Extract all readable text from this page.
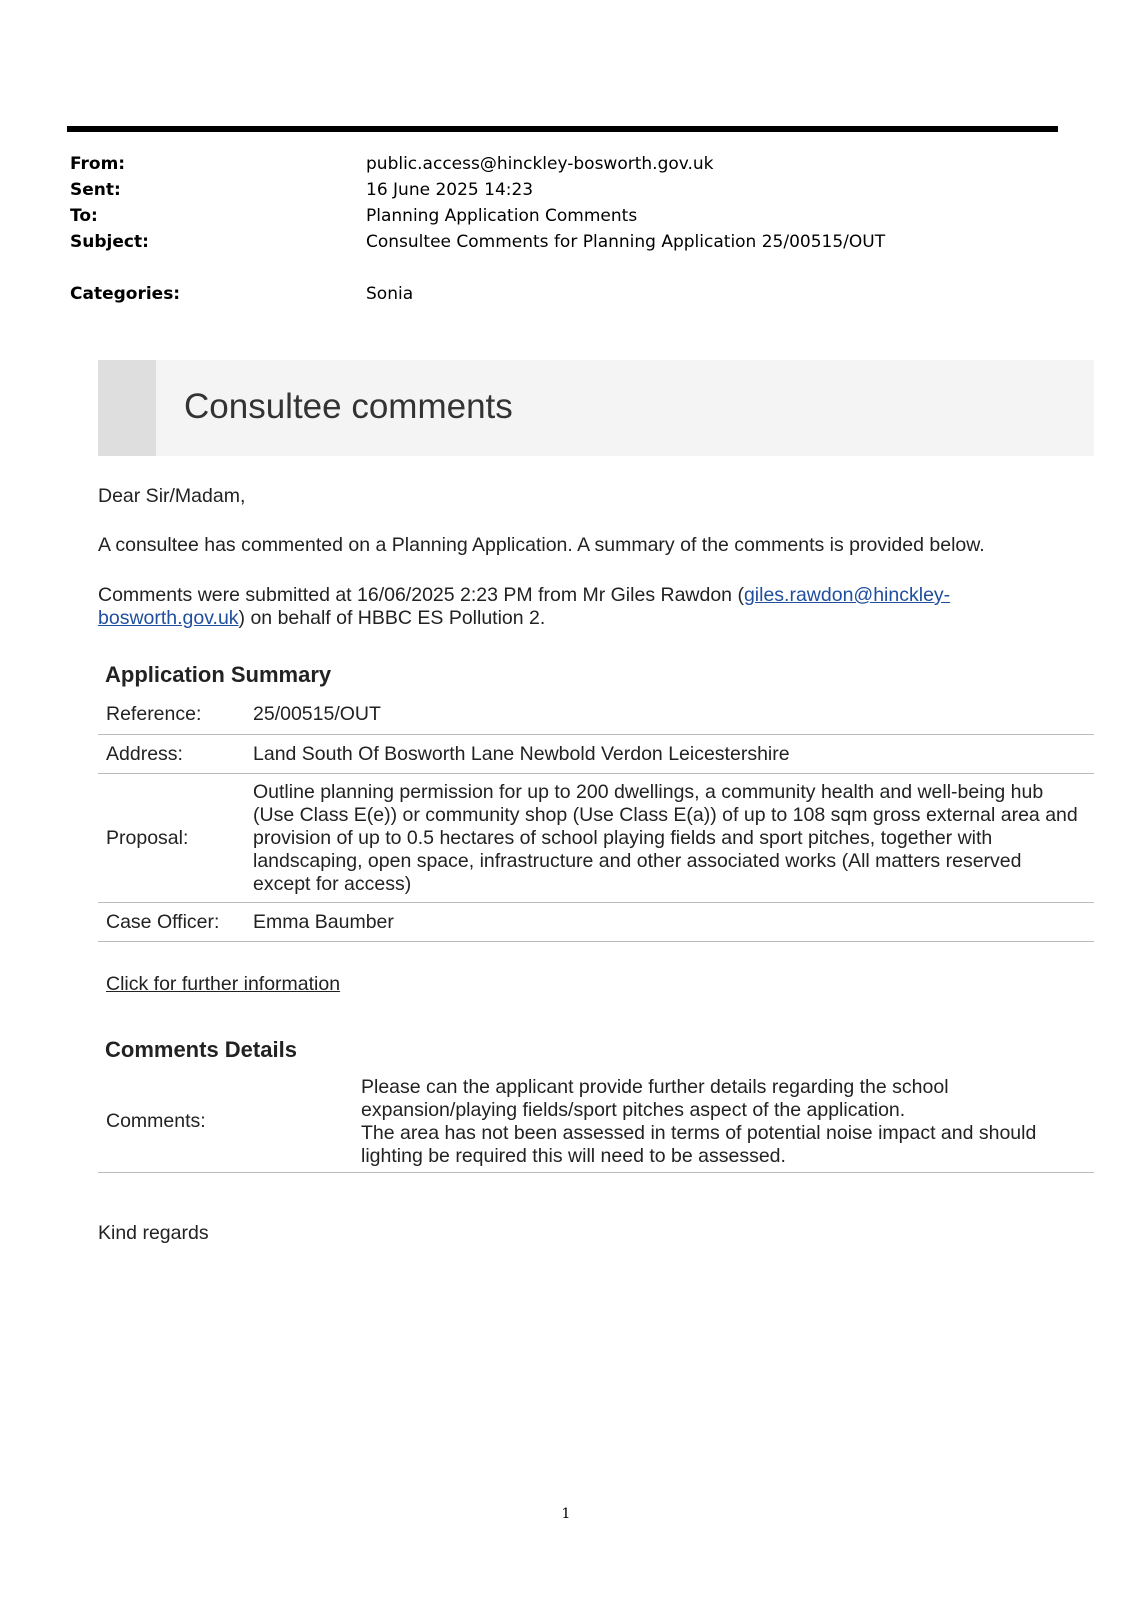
From:	public.access@hinckley-bosworth.gov.uk
Sent:	16 June 2025 14:23
To:	Planning Application Comments
Subject:	Consultee Comments for Planning Application 25/00515/OUT
Categories:	Sonia
Consultee comments
Dear Sir/Madam,
A consultee has commented on a Planning Application. A summary of the comments is provided below.
Comments were submitted at 16/06/2025 2:23 PM from Mr Giles Rawdon (giles.rawdon@hinckley-
bosworth.gov.uk) on behalf of HBBC ES Pollution 2.
Application Summary
Reference:	25/00515/OUT
Address:	Land South Of Bosworth Lane Newbold Verdon Leicestershire
Proposal:
Outline planning permission for up to 200 dwellings, a community health and well-being hub (Use Class E(e)) or community shop (Use Class E(a)) of up to 108 sqm gross external area and provision of up to 0.5 hectares of school playing fields and sport pitches, together with landscaping, open space, infrastructure and other associated works (All matters reserved except for access)
Case Officer: Emma Baumber
Click for further information
Comments Details
Comments:
Please can the applicant provide further details regarding the school expansion/playing fields/sport pitches aspect of the application.
The area has not been assessed in terms of potential noise impact and should lighting be required this will need to be assessed.
Kind regards
1
